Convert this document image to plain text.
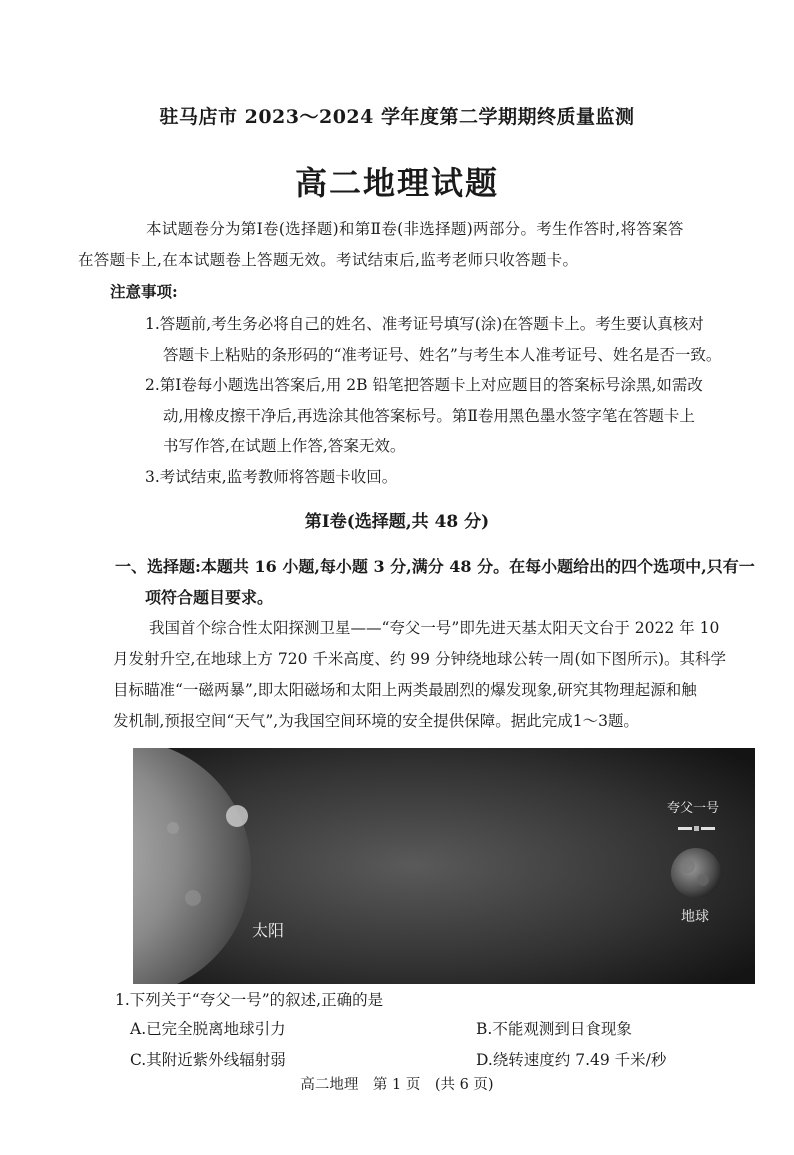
驻马店市 2023～2024 学年度第二学期期终质量监测
高二地理试题
本试题卷分为第Ⅰ卷(选择题)和第Ⅱ卷(非选择题)两部分。考生作答时,将答案答
在答题卡上,在本试题卷上答题无效。考试结束后,监考老师只收答题卡。
注意事项:
1.答题前,考生务必将自己的姓名、准考证号填写(涂)在答题卡上。考生要认真核对
答题卡上粘贴的条形码的“准考证号、姓名”与考生本人准考证号、姓名是否一致。
2.第Ⅰ卷每小题选出答案后,用 2B 铅笔把答题卡上对应题目的答案标号涂黑,如需改
动,用橡皮擦干净后,再选涂其他答案标号。第Ⅱ卷用黑色墨水签字笔在答题卡上
书写作答,在试题上作答,答案无效。
3.考试结束,监考教师将答题卡收回。
第Ⅰ卷(选择题,共 48 分)
一、选择题:本题共 16 小题,每小题 3 分,满分 48 分。在每小题给出的四个选项中,只有一
项符合题目要求。
我国首个综合性太阳探测卫星——“夸父一号”即先进天基太阳天文台于 2022 年 10
月发射升空,在地球上方 720 千米高度、约 99 分钟绕地球公转一周(如下图所示)。其科学
目标瞄准“一磁两暴”,即太阳磁场和太阳上两类最剧烈的爆发现象,研究其物理起源和触
发机制,预报空间“天气”,为我国空间环境的安全提供保障。据此完成1～3题。
太阳
夸父一号
地球
1.下列关于“夸父一号”的叙述,正确的是
A.已完全脱离地球引力	B.不能观测到日食现象
C.其附近紫外线辐射弱	D.绕转速度约 7.49 千米/秒
高二地理　第 1 页　(共 6 页)
